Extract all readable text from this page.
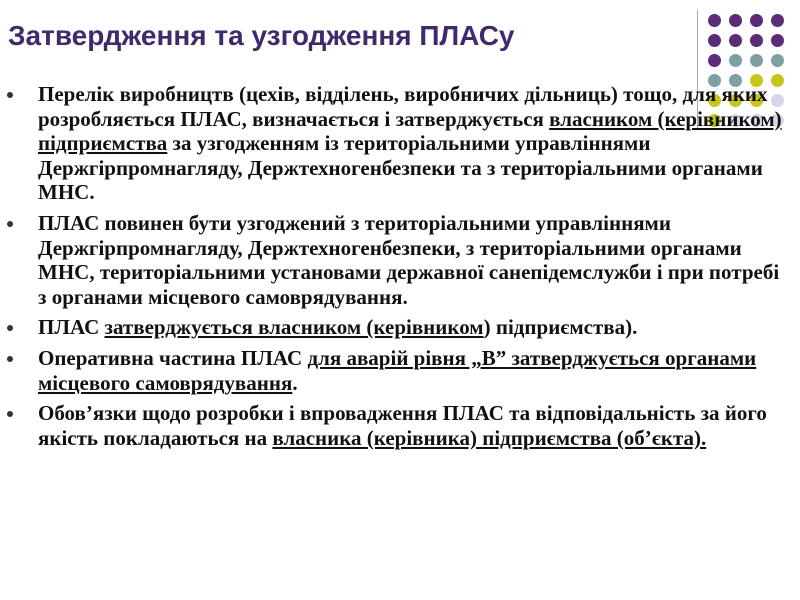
Затвердження та узгодження ПЛАСу
Перелік виробництв (цехів, відділень, виробничих дільниць) тощо, для яких розробляється ПЛАС, визначається і затверджується власником (керівником) підприємства за узгодженням із територіальними управліннями Держгірпромнагляду, Держтехногенбезпеки та з територіальними органами МНС.
ПЛАС повинен бути узгоджений з територіальними управліннями Держгірпромнагляду, Держтехногенбезпеки, з територіальними органами МНС, територіальними установами державної санепідемслужби і при потребі з органами місцевого самоврядування.
ПЛАС затверджується власником (керівником) підприємства).
Оперативна частина ПЛАС для аварій рівня „В” затверджується органами місцевого самоврядування.
Обов’язки щодо розробки і впровадження ПЛАС та відповідальність за його якість покладаються на власника (керівника) підприємства (об’єкта).
